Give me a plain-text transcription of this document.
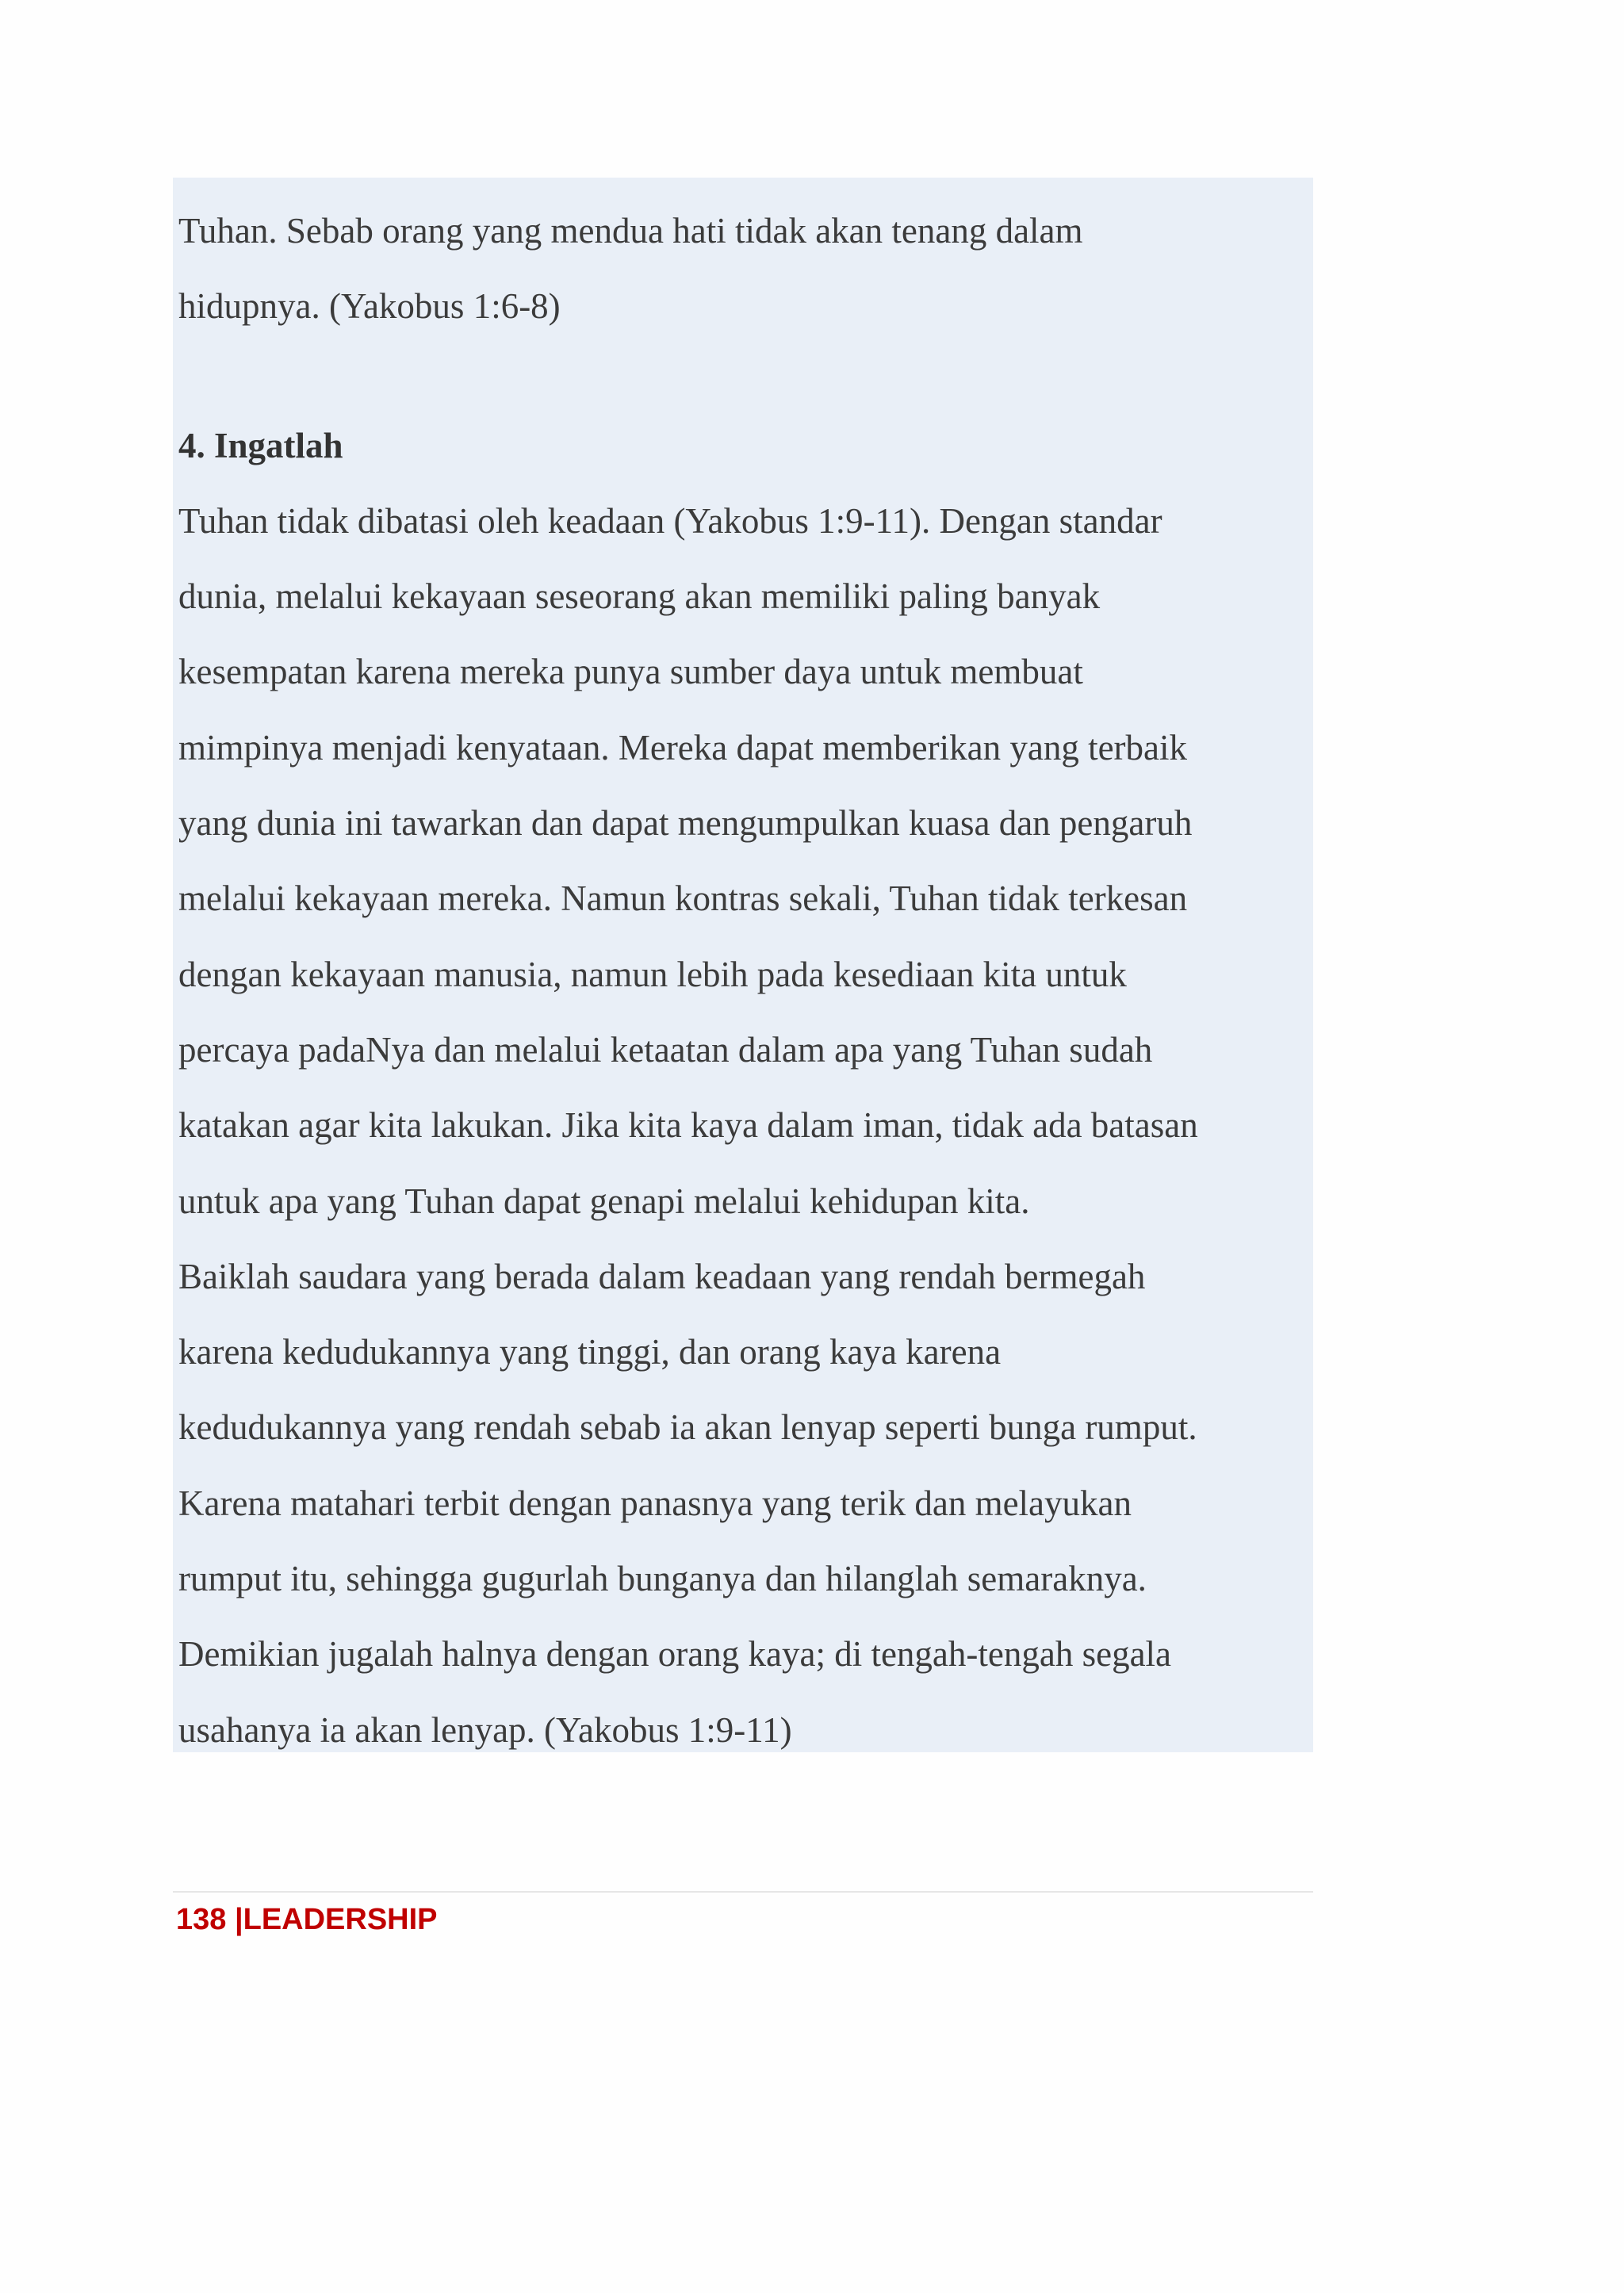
Tuhan. Sebab orang yang mendua hati tidak akan tenang dalam
hidupnya. (Yakobus 1:6-8)
4. Ingatlah
Tuhan tidak dibatasi oleh keadaan (Yakobus 1:9-11). Dengan standar
dunia, melalui kekayaan seseorang akan memiliki paling banyak
kesempatan karena mereka punya sumber daya untuk membuat
mimpinya menjadi kenyataan. Mereka dapat memberikan yang terbaik
yang dunia ini tawarkan dan dapat mengumpulkan kuasa dan pengaruh
melalui kekayaan mereka. Namun kontras sekali, Tuhan tidak terkesan
dengan kekayaan manusia, namun lebih pada kesediaan kita untuk
percaya padaNya dan melalui ketaatan dalam apa yang Tuhan sudah
katakan agar kita lakukan. Jika kita kaya dalam iman, tidak ada batasan
untuk apa yang Tuhan dapat genapi melalui kehidupan kita.
Baiklah saudara yang berada dalam keadaan yang rendah bermegah
karena kedudukannya yang tinggi, dan orang kaya karena
kedudukannya yang rendah sebab ia akan lenyap seperti bunga rumput.
Karena matahari terbit dengan panasnya yang terik dan melayukan
rumput itu, sehingga gugurlah bunganya dan hilanglah semaraknya.
Demikian jugalah halnya dengan orang kaya; di tengah-tengah segala
usahanya ia akan lenyap. (Yakobus 1:9-11)
138 |LEADERSHIP
